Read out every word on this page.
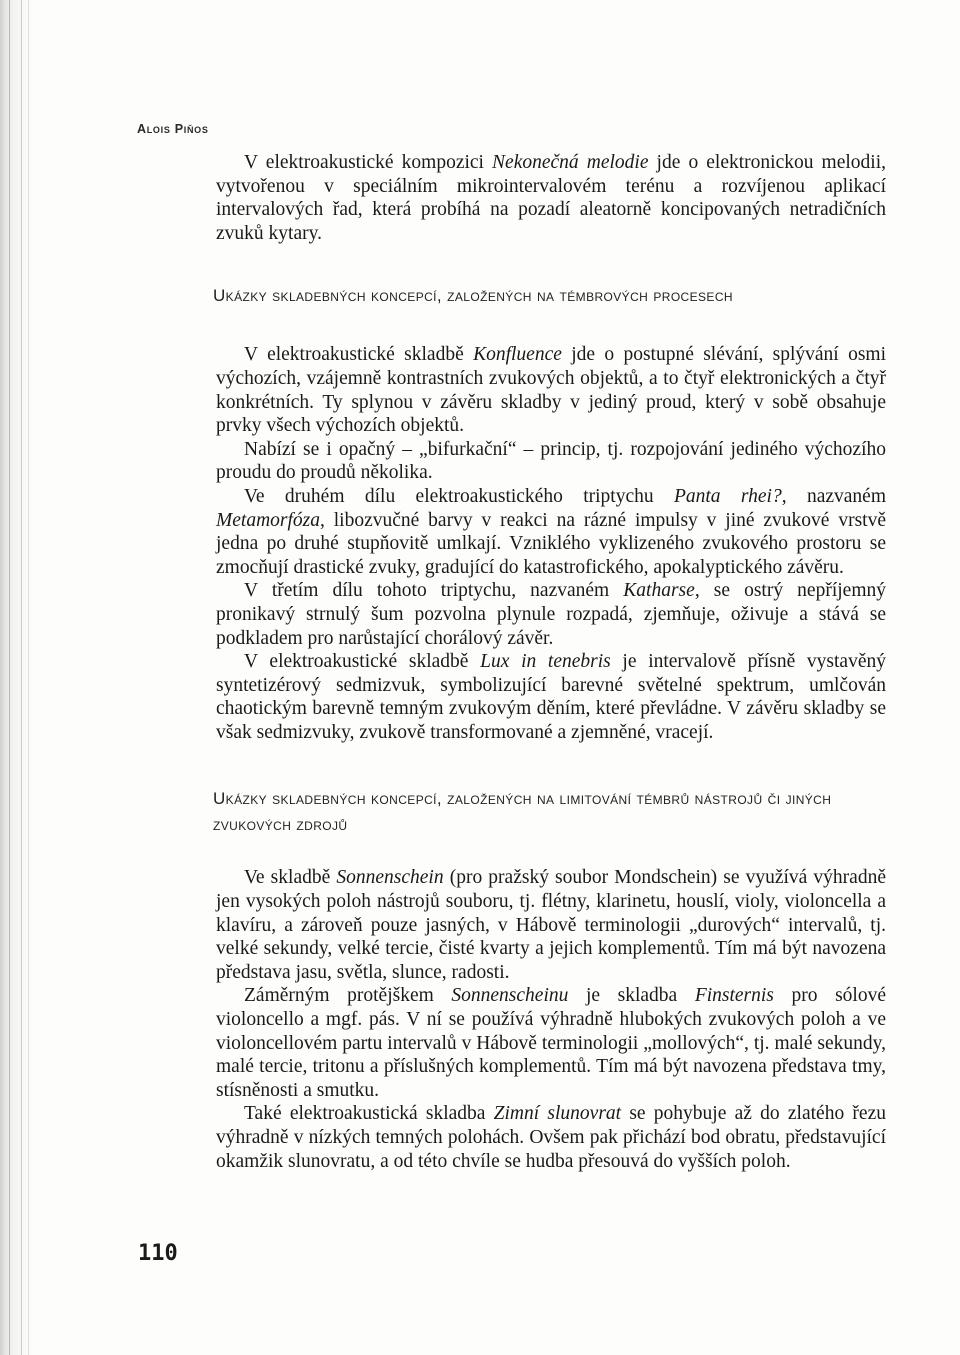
Alois Piňos

V elektroakustické kompozici Nekonečná melodie jde o elektronickou melodii, vytvořenou v speciálním mikrointervalovém terénu a rozvíjenou aplikací intervalových řad, která probíhá na pozadí aleatorně koncipovaných netradičních zvuků kytary.

Ukázky skladebných koncepcí, založených na témbrových procesech

V elektroakustické skladbě Konfluence jde o postupné slévání, splývání osmi výchozích, vzájemně kontrastních zvukových objektů, a to čtyř elektronických a čtyř konkrétních. Ty splynou v závěru skladby v jediný proud, který v sobě obsahuje prvky všech výchozích objektů.

Nabízí se i opačný – „bifurkační“ – princip, tj. rozpojování jediného výchozího proudu do proudů několika.

Ve druhém dílu elektroakustického triptychu Panta rhei?, nazvaném Metamorfóza, libozvučné barvy v reakci na rázné impulsy v jiné zvukové vrstvě jedna po druhé stupňovitě umlkají. Vzniklého vyklizeného zvukového prostoru se zmocňují drastické zvuky, gradující do katastrofického, apokalyptického závěru.

V třetím dílu tohoto triptychu, nazvaném Katharse, se ostrý nepříjemný pronikavý strnulý šum pozvolna plynule rozpadá, zjemňuje, oživuje a stává se podkladem pro narůstající chorálový závěr.

V elektroakustické skladbě Lux in tenebris je intervalově přísně vystavěný syntetizérový sedmizvuk, symbolizující barevné světelné spektrum, umlčován chaotickým barevně temným zvukovým děním, které převládne. V závěru skladby se však sedmizvuky, zvukově transformované a zjemněné, vracejí.

Ukázky skladebných koncepcí, založených na limitování témbrů nástrojů či jiných zvukových zdrojů

Ve skladbě Sonnenschein (pro pražský soubor Mondschein) se využívá výhradně jen vysokých poloh nástrojů souboru, tj. flétny, klarinetu, houslí, violy, violoncella a klavíru, a zároveň pouze jasných, v Hábově terminologii „durových“ intervalů, tj. velké sekundy, velké tercie, čisté kvarty a jejich komplementů. Tím má být navozena představa jasu, světla, slunce, radosti.

Záměrným protějškem Sonnenscheinu je skladba Finsternis pro sólové violoncello a mgf. pás. V ní se používá výhradně hlubokých zvukových poloh a ve violoncellovém partu intervalů v Hábově terminologii „mollových“, tj. malé sekundy, malé tercie, tritonu a příslušných komplementů. Tím má být navozena představa tmy, stísněnosti a smutku.

Také elektroakustická skladba Zimní slunovrat se pohybuje až do zlatého řezu výhradně v nízkých temných polohách. Ovšem pak přichází bod obratu, představující okamžik slunovratu, a od této chvíle se hudba přesouvá do vyšších poloh.

110
